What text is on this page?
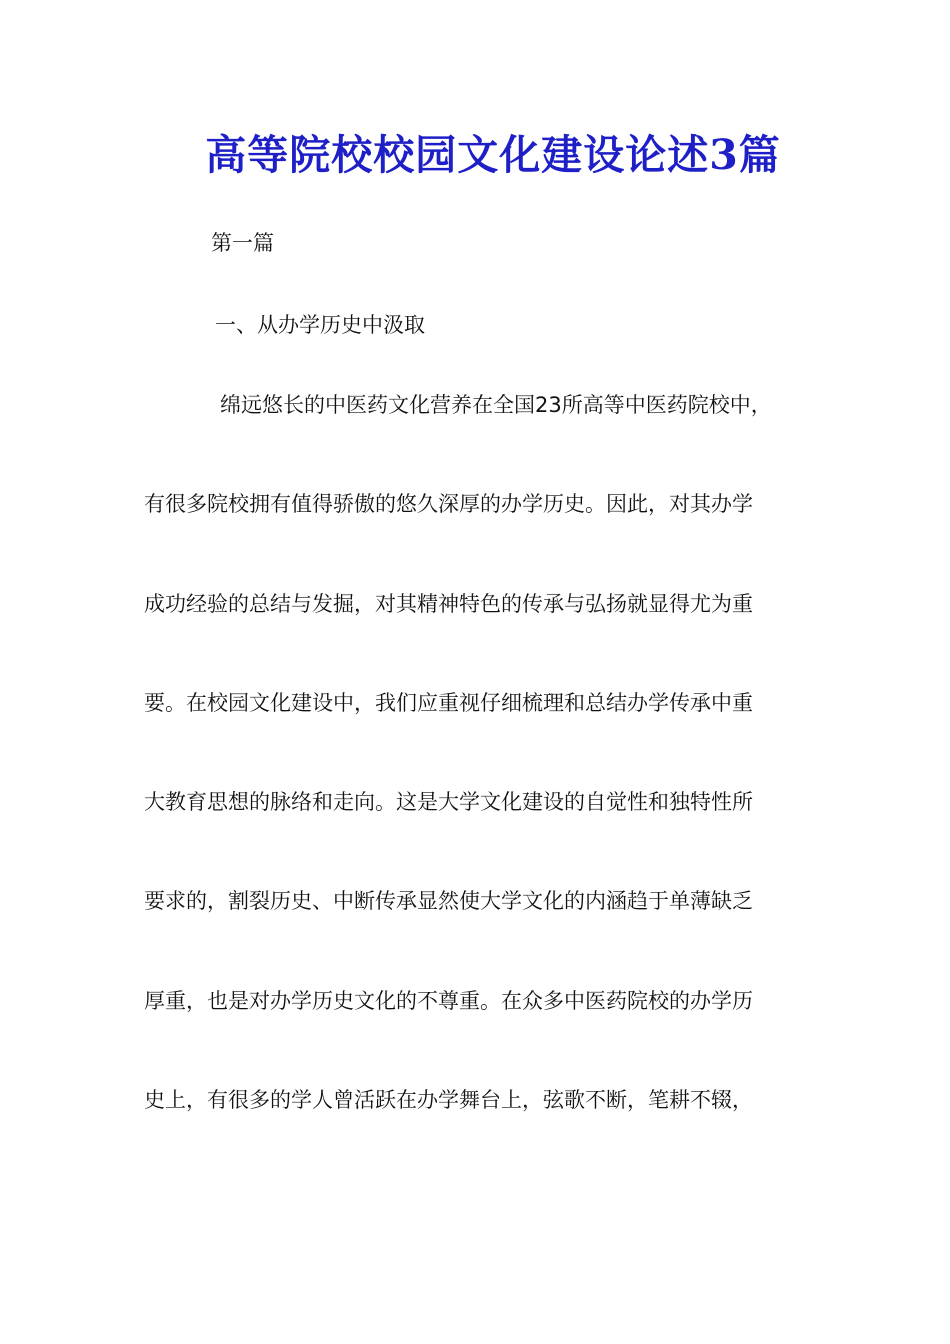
高等院校校园文化建设论述3篇
第一篇
一、从办学历史中汲取
绵远悠长的中医药文化营养在全国23所高等中医药院校中，
有很多院校拥有值得骄傲的悠久深厚的办学历史。因此，对其办学
成功经验的总结与发掘，对其精神特色的传承与弘扬就显得尤为重
要。在校园文化建设中，我们应重视仔细梳理和总结办学传承中重
大教育思想的脉络和走向。这是大学文化建设的自觉性和独特性所
要求的，割裂历史、中断传承显然使大学文化的内涵趋于单薄缺乏
厚重，也是对办学历史文化的不尊重。在众多中医药院校的办学历
史上，有很多的学人曾活跃在办学舞台上，弦歌不断，笔耕不辍，
